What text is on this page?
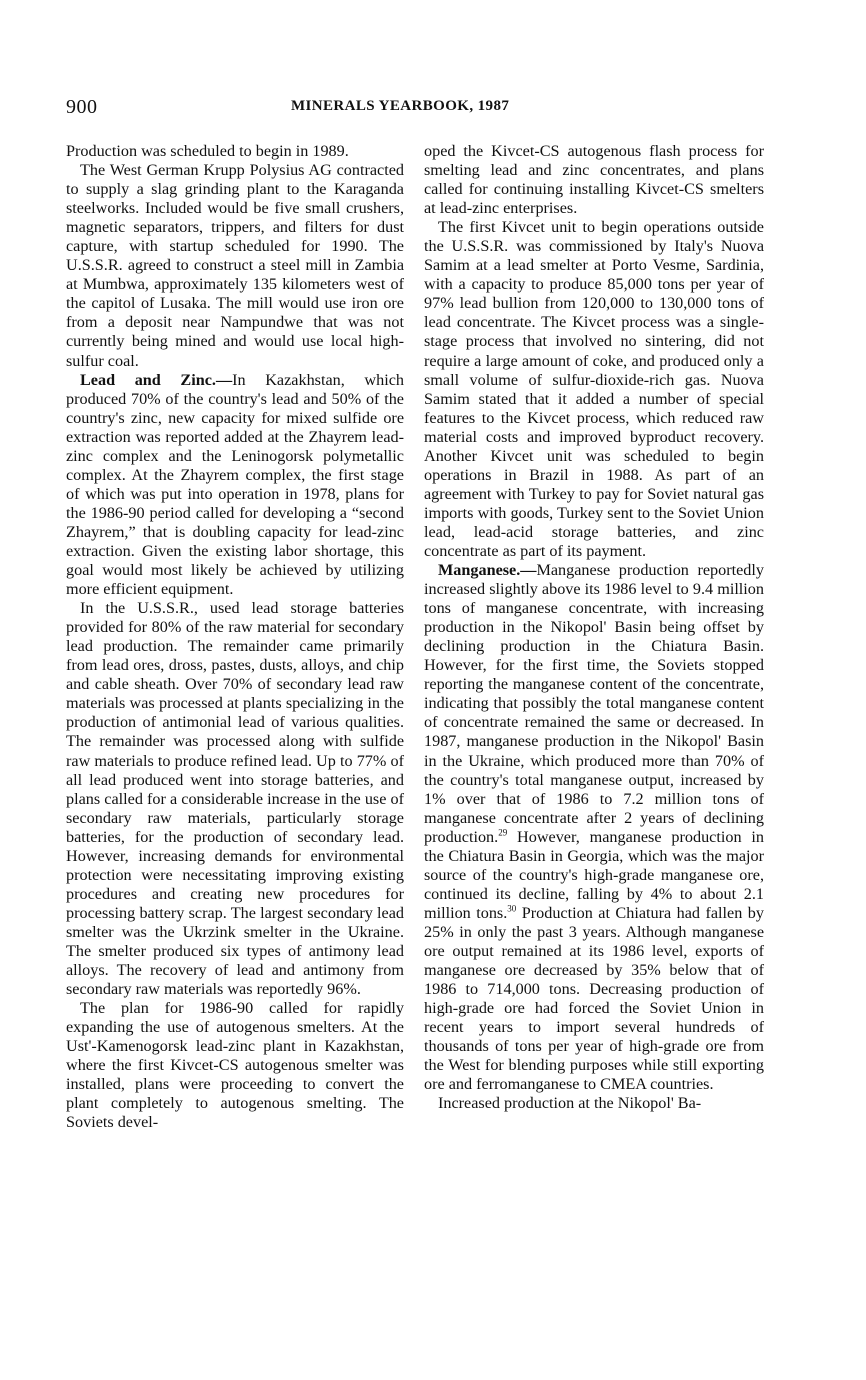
900	MINERALS YEARBOOK, 1987

Production was scheduled to begin in 1989.

The West German Krupp Polysius AG contracted to supply a slag grinding plant to the Karaganda steelworks. Included would be five small crushers, magnetic separators, trippers, and filters for dust capture, with startup scheduled for 1990. The U.S.S.R. agreed to construct a steel mill in Zambia at Mumbwa, approximately 135 kilometers west of the capitol of Lusaka. The mill would use iron ore from a deposit near Nampundwe that was not currently being mined and would use local high-sulfur coal.

Lead and Zinc.—In Kazakhstan, which produced 70% of the country's lead and 50% of the country's zinc, new capacity for mixed sulfide ore extraction was reported added at the Zhayrem lead-zinc complex and the Leninogorsk polymetallic complex. At the Zhayrem complex, the first stage of which was put into operation in 1978, plans for the 1986-90 period called for developing a “second Zhayrem,” that is doubling capacity for lead-zinc extraction. Given the existing labor shortage, this goal would most likely be achieved by utilizing more efficient equipment.

In the U.S.S.R., used lead storage batteries provided for 80% of the raw material for secondary lead production. The remainder came primarily from lead ores, dross, pastes, dusts, alloys, and chip and cable sheath. Over 70% of secondary lead raw materials was processed at plants specializing in the production of antimonial lead of various qualities. The remainder was processed along with sulfide raw materials to produce refined lead. Up to 77% of all lead produced went into storage batteries, and plans called for a considerable increase in the use of secondary raw materials, particularly storage batteries, for the production of secondary lead. However, increasing demands for environmental protection were necessitating improving existing procedures and creating new procedures for processing battery scrap. The largest secondary lead smelter was the Ukrzink smelter in the Ukraine. The smelter produced six types of antimony lead alloys. The recovery of lead and antimony from secondary raw materials was reportedly 96%.

The plan for 1986-90 called for rapidly expanding the use of autogenous smelters. At the Ust'-Kamenogorsk lead-zinc plant in Kazakhstan, where the first Kivcet-CS autogenous smelter was installed, plans were proceeding to convert the plant completely to autogenous smelting. The Soviets devel-

oped the Kivcet-CS autogenous flash process for smelting lead and zinc concentrates, and plans called for continuing installing Kivcet-CS smelters at lead-zinc enterprises.

The first Kivcet unit to begin operations outside the U.S.S.R. was commissioned by Italy's Nuova Samim at a lead smelter at Porto Vesme, Sardinia, with a capacity to produce 85,000 tons per year of 97% lead bullion from 120,000 to 130,000 tons of lead concentrate. The Kivcet process was a single-stage process that involved no sintering, did not require a large amount of coke, and produced only a small volume of sulfur-dioxide-rich gas. Nuova Samim stated that it added a number of special features to the Kivcet process, which reduced raw material costs and improved byproduct recovery. Another Kivcet unit was scheduled to begin operations in Brazil in 1988. As part of an agreement with Turkey to pay for Soviet natural gas imports with goods, Turkey sent to the Soviet Union lead, lead-acid storage batteries, and zinc concentrate as part of its payment.

Manganese.—Manganese production reportedly increased slightly above its 1986 level to 9.4 million tons of manganese concentrate, with increasing production in the Nikopol' Basin being offset by declining production in the Chiatura Basin. However, for the first time, the Soviets stopped reporting the manganese content of the concentrate, indicating that possibly the total manganese content of concentrate remained the same or decreased. In 1987, manganese production in the Nikopol' Basin in the Ukraine, which produced more than 70% of the country's total manganese output, increased by 1% over that of 1986 to 7.2 million tons of manganese concentrate after 2 years of declining production.$^{29}$ However, manganese production in the Chiatura Basin in Georgia, which was the major source of the country's high-grade manganese ore, continued its decline, falling by 4% to about 2.1 million tons.$^{30}$ Production at Chiatura had fallen by 25% in only the past 3 years. Although manganese ore output remained at its 1986 level, exports of manganese ore decreased by 35% below that of 1986 to 714,000 tons. Decreasing production of high-grade ore had forced the Soviet Union in recent years to import several hundreds of thousands of tons per year of high-grade ore from the West for blending purposes while still exporting ore and ferromanganese to CMEA countries.

Increased production at the Nikopol' Ba-
